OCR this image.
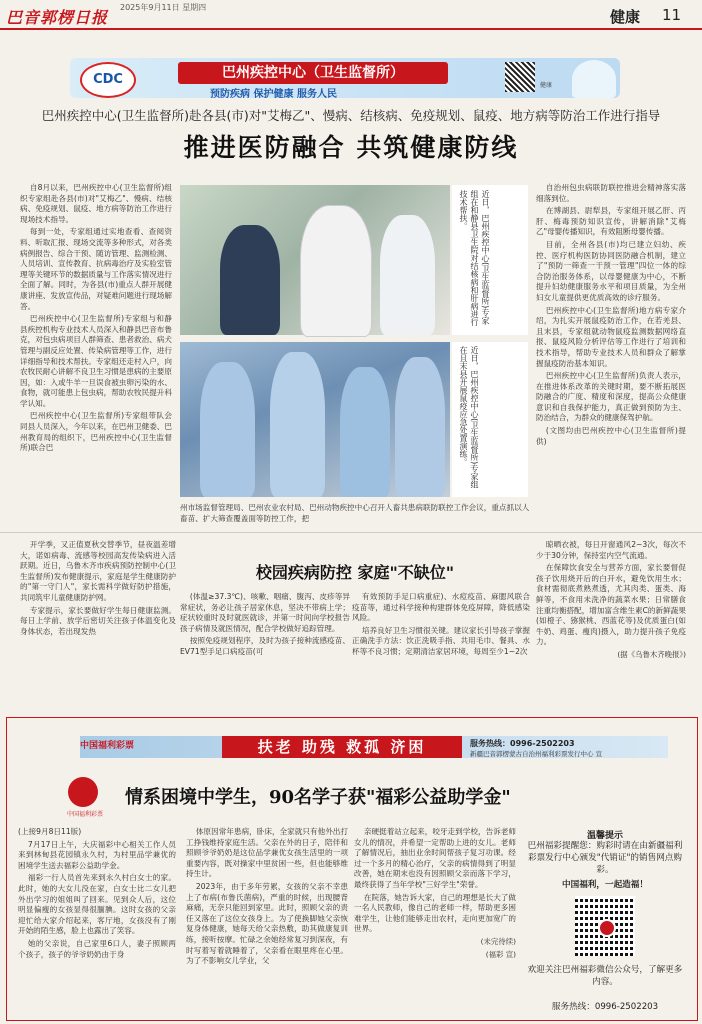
巴音郭楞日报
2025年9月11日 星期四
健康 11
CDC	巴州疾控中心（卫生监督所）
预防疾病 保护健康 服务人民
健康
巴州疾控中心(卫生监督所)赴各县(市)对"艾梅乙"、慢病、结核病、免疫规划、鼠疫、地方病等防治工作进行指导
推进医防融合 共筑健康防线

自8月以来，巴州疾控中心(卫生监督所)组织专家组赴各县(市)对"艾梅乙"、慢病、结核病、免疫规划、鼠疫、地方病等防治工作进行现场技术指导。

每到一处，专家组通过实地查看、查阅资料、听取汇报、现场交流等多种形式，对各类病例报告、综合干预、随访管理、监测检测、人员培训、宣传教育、抗病毒治疗及实验室管理等关键环节的数据质量与工作落实情况进行全面了解。同时，为各县(市)重点人群开展健康讲座、发放宣传品，对疑难问题进行现场解答。

巴州疾控中心(卫生监督所)专家组与和静县疾控机构专业技术人员深入和静县巴音布鲁克，对包虫病项目人群筛查、患者救治、病犬管理与副反应处置、传染病管理等工作，进行详细指导和技术帮扶。专家组还走村入户，向农牧民耐心讲解不良卫生习惯是患病的主要原因，如：入或牛羊一旦误食被虫卵污染的水、食物，就可能患上包虫病，帮助农牧民提升科学认知。

巴州疾控中心(卫生监督所)专家组带队会同县人员深入，今年以来，在巴州卫健委、巴州教育局的组织下，巴州疾控中心(卫生监督所)联合巴

近日，巴州疾控中心(卫生监督所)专家组在和静县卫生院对结核病和肝病进行技术帮扶。
近日，巴州疾控中心(卫生监督所)专家组在且末县开展鼠疫应急处置演练。
州市场监督管理局、巴州农业农村局、巴州动物疾控中心召开人畜共患病联防联控工作会议，重点抓以人畜苗、扩大筛查覆盖面等防控工作，把

自治州包虫病联防联控推进会精神落实落细落到位。

在博湖县、尉犁县，专家组开展乙肝、丙肝、梅毒预防知识宣传，讲解消除"艾梅乙"母婴传播知识，有效阻断母婴传播。

目前，全州各县(市)均已建立妇幼、疾控、医疗机构医防协同医防融合机制，建立了"预防一筛查一干预一管理"四位一体的综合防治服务体系，以母婴健康为中心，不断提升妇幼健康服务水平和项目质量，为全州妇女儿童提供更优质高效的诊疗服务。

巴州疾控中心(卫生监督所)地方病专家介绍，为扎实开展鼠疫防治工作，在若羌县、且末县，专家组就动物鼠疫监测数据网络直报、鼠疫风险分析评估等工作进行了培训和技术指导，帮助专业技术人员和群众了解掌握鼠疫防治基本知识。

巴州疾控中心(卫生监督所)负责人表示，在推进体系改革的关键时期，要不断拓展医防融合的广度、精度和深度，提高公众健康意识和自我保护能力，真正做到预防为主、防治结合，为群众的健康保驾护航。

(文图均由巴州疾控中心(卫生监督所)提供)

开学季，又正值夏秋交替季节，昼夜温差增大，诺如病毒、流感等校园高发传染病进入活跃期。近日，乌鲁木齐市疾病预防控制中心(卫生监督所)发布健康提示，家庭是学生健康防护的"第一守门人"，家长需科学做好防护措施，共同筑牢儿童健康防护网。

专家提示，家长要做好学生每日健康监测。每日上学前、放学后密切关注孩子体温变化及身体状态，若出现发热

校园疾病防控 家庭"不缺位"

(体温≥37.3℃)、咳嗽、咽痛、腹泻、皮疹等异常症状，务必让孩子居家休息，坚决不带病上学；症状较重时及时就医就诊，并第一时间向学校报告孩子病情及就医情况，配合学校做好追踪管理。

按照免疫规划程序，及时为孩子接种流感疫苗、EV71型手足口病疫苗(可

有效预防手足口病重症)、水痘疫苗、麻腮风联合疫苗等，通过科学接种构建群体免疫屏障，降低感染风险。

培养良好卫生习惯很关键。建议家长引导孩子掌握正确洗手方法：饮正洗吸手指、共用毛巾、餐具、水杯等不良习惯；定期清洁家居环境，每周至少1~2次

晾晒衣被，每日开窗通风2~3次，每次不少于30分钟，保持室内空气流通。

在保障饮食安全与营养方面，家长要督促孩子饮用烧开后的白开水，避免饮用生水；食材需彻底煮熟煮透，尤其肉类、蛋类、海鲜等，不食用未洗净的蔬菜水果；日常膳食注重均衡搭配，增加富含维生素C的新鲜蔬果(如橙子、猕猴桃、西蓝花等)及优质蛋白(如牛奶、鸡蛋、瘦肉)摄入，助力提升孩子免疫力。

(据《乌鲁木齐晚报》)

中国福利彩票	扶老 助残 救孤 济困	服务热线：0996-2502203
新疆巴音郭楞蒙古自治州福利彩票发行中心 宣
中国福利彩票
情系困境中学生，90名学子获"福彩公益助学金"

(上接9月8日11版)

7月17日上午，大庆福彩中心相关工作人员来到林甸县花园镇永久村，为村里品学兼优的困境学生送去福彩公益助学金。

福彩一行人员首先来到永久村白女士的家。此时，她的大女儿没在家，白女士比二女儿把外出学习的姐姐叫了回来。见到众人后，这位明显偏瘦的女孩显得很腼腆。这时女孩的父亲迎忙给大家介绍起来，客厅地，女孩没有了刚开始的陌生感，脸上也露出了笑容。

她的父亲说，自己家里6口人，妻子照顾两个孩子，孩子的爷爷奶奶由于身

体原因常年患病，卧床，全家就只有他外出打工挣钱维持家庭生活。父亲在外的日子，陪伴和照顾爷爷奶奶是这位品学兼优女孩生活里的一项重要内容，既对操家中里贫困一些，但也能够维持生计。

2023年，由于多年劳累，女孩的父亲不幸患上了布病(布鲁氏菌病)，严重的时候，出现腰背麻痛，无奈只能回到家里。此时，照顾父亲的责任又落在了这位女孩身上。为了使换脚她父亲恢复身体健康，她每天给父亲热敷，助其做康复训练，接听按摩。忙碌之余她经常复习到深夜，有时写着写着就睡着了，父亲看在眼里疼在心里。为了不影响女儿学业，父

亲硬挺着站立起来，咬牙走到学校，告诉老师女儿的情况，并希望一定帮助上进的女儿。老师了解情况后，抽出业余时间帮孩子复习功课。经过一个多月的精心治疗，父亲的病情得到了明显改善，她在期末也没有因照顾父亲而落下学习，最终获得了当年学校"三好学生"荣誉。

在院落，她告诉大家，自己的理想是长大了做一名人民教师，像自己的老师一样，帮助更多困难学生，让他们能够走出农村，走向更加宽广的世界。

(未完待续)

(福彩 宣)

温馨提示
巴州福彩提醒您：购彩时请在由新疆福利彩票发行中心颁发"代销证"的销售网点购彩。
中国福利，一起造福！
欢迎关注巴州福彩微信公众号，了解更多内容。
服务热线：0996-2502203
